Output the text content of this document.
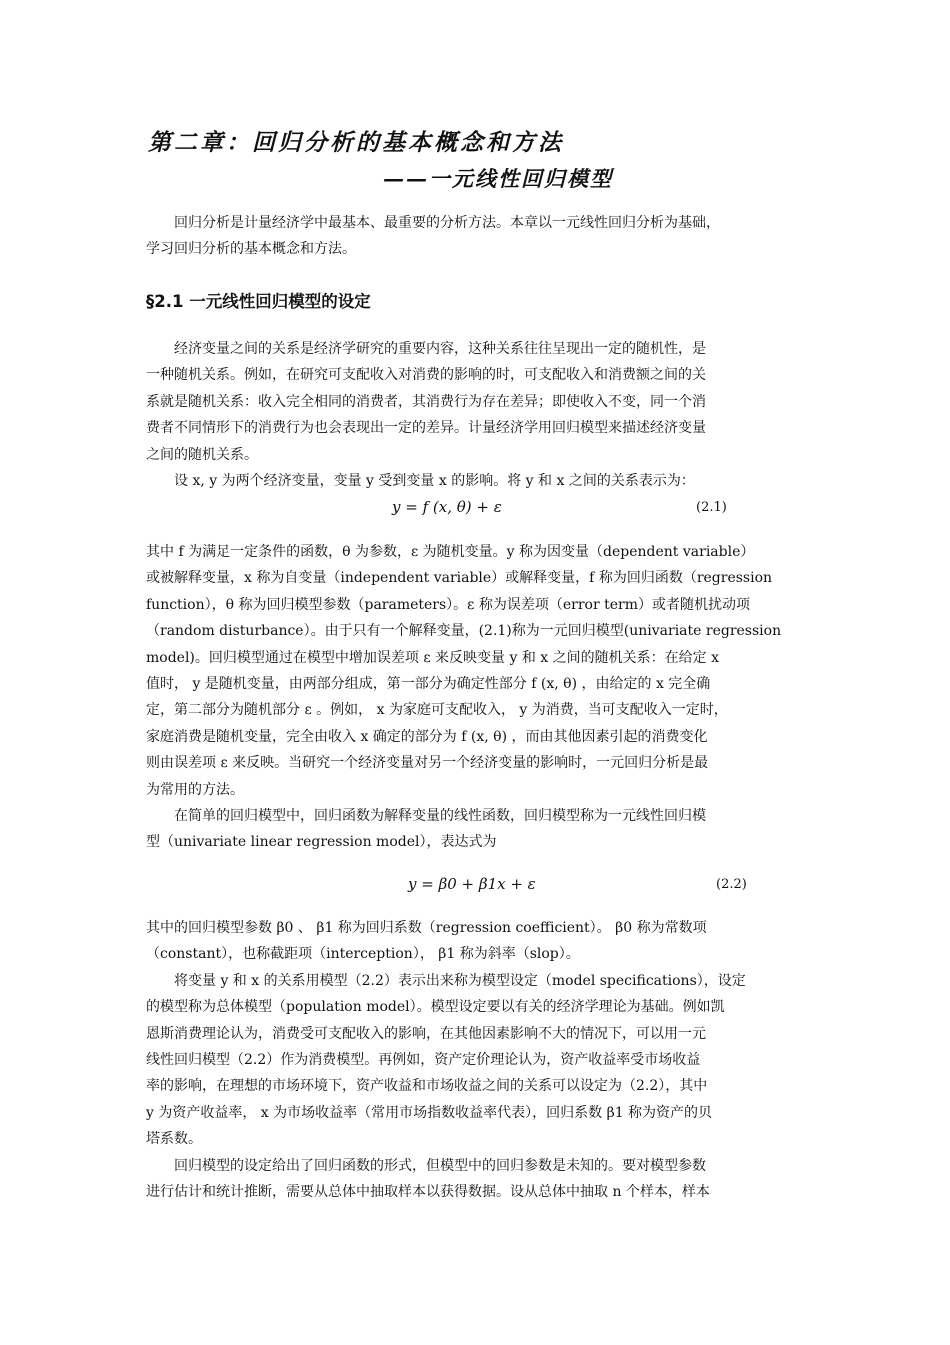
第二章：回归分析的基本概念和方法
——一元线性回归模型
回归分析是计量经济学中最基本、最重要的分析方法。本章以一元线性回归分析为基础，
学习回归分析的基本概念和方法。
§2.1 一元线性回归模型的设定
经济变量之间的关系是经济学研究的重要内容，这种关系往往呈现出一定的随机性，是
一种随机关系。例如，在研究可支配收入对消费的影响的时，可支配收入和消费额之间的关
系就是随机关系：收入完全相同的消费者，其消费行为存在差异；即使收入不变，同一个消
费者不同情形下的消费行为也会表现出一定的差异。计量经济学用回归模型来描述经济变量
之间的随机关系。
设 x, y 为两个经济变量，变量 y 受到变量 x 的影响。将 y 和 x 之间的关系表示为：
y = f (x, θ) + ε	(2.1)
其中 f 为满足一定条件的函数，θ 为参数，ε 为随机变量。y 称为因变量（dependent variable）
或被解释变量，x 称为自变量（independent variable）或解释变量，f 称为回归函数（regression
function），θ 称为回归模型参数（parameters）。ε 称为误差项（error term）或者随机扰动项
（random disturbance）。由于只有一个解释变量，(2.1)称为一元回归模型(univariate regression
model)。回归模型通过在模型中增加误差项 ε 来反映变量 y 和 x 之间的随机关系：在给定 x
值时， y 是随机变量，由两部分组成，第一部分为确定性部分 f (x, θ) ，由给定的 x 完全确
定，第二部分为随机部分 ε 。例如， x 为家庭可支配收入， y 为消费，当可支配收入一定时，
家庭消费是随机变量，完全由收入 x 确定的部分为 f (x, θ) ，而由其他因素引起的消费变化
则由误差项 ε 来反映。当研究一个经济变量对另一个经济变量的影响时，一元回归分析是最
为常用的方法。
在简单的回归模型中，回归函数为解释变量的线性函数，回归模型称为一元线性回归模
型（univariate linear regression model），表达式为
y = β0 + β1x + ε	(2.2)
其中的回归模型参数 β0 、 β1 称为回归系数（regression coefficient）。 β0 称为常数项
（constant），也称截距项（interception）， β1 称为斜率（slop）。
将变量 y 和 x 的关系用模型（2.2）表示出来称为模型设定（model specifications），设定
的模型称为总体模型（population model）。模型设定要以有关的经济学理论为基础。例如凯
恩斯消费理论认为，消费受可支配收入的影响，在其他因素影响不大的情况下，可以用一元
线性回归模型（2.2）作为消费模型。再例如，资产定价理论认为，资产收益率受市场收益
率的影响，在理想的市场环境下，资产收益和市场收益之间的关系可以设定为（2.2），其中
y 为资产收益率， x 为市场收益率（常用市场指数收益率代表），回归系数 β1 称为资产的贝
塔系数。
回归模型的设定给出了回归函数的形式，但模型中的回归参数是未知的。要对模型参数
进行估计和统计推断，需要从总体中抽取样本以获得数据。设从总体中抽取 n 个样本，样本
